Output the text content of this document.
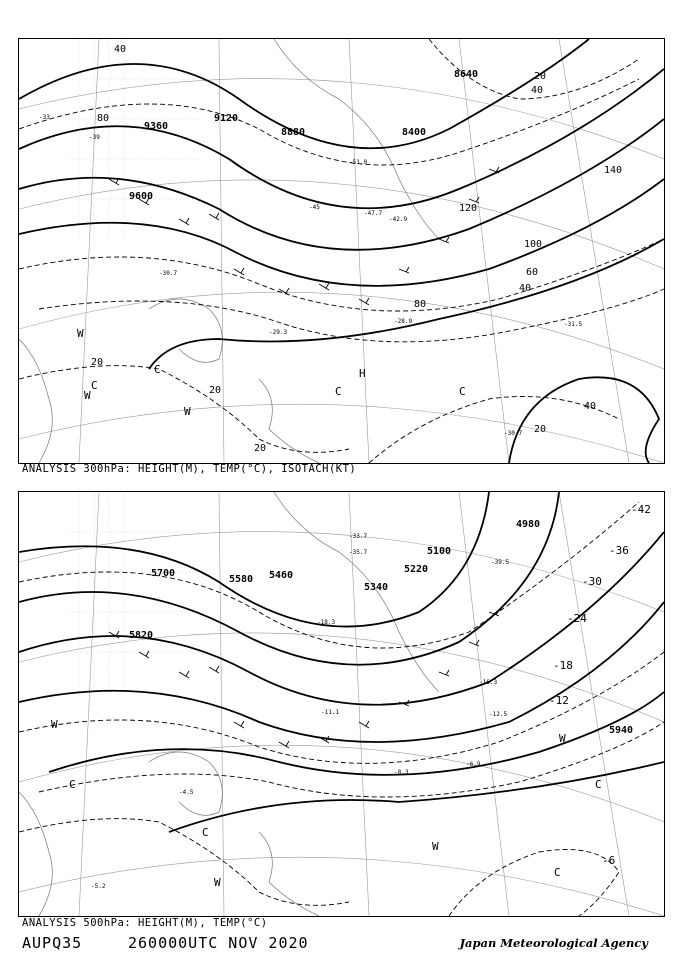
9360
9120
8880
8640
8400
9600
40
80
120
140
100
60
40
20
40
20
20
80
40
20
20
-51.0
-47.7
-45
-42.9
-39
-33
-30.7
-29.3
-28.9	-31.5
-30.7
H
C	C
C
W
W
W
C
ANALYSIS 300hPa: HEIGHT(M), TEMP(°C), ISOTACH(KT)
5700	5460
5820
5220
5100
4980
5580
5940
5340
-42
-36
-30
-24
-18
-12
-6
-39.5
-35.7
-33.7
-18.3
-16.3
-12.5
-11.1
-8.3
-6.9
-4.5
-5.2
W
W
W
W
C
C
C
C
ANALYSIS 500hPa: HEIGHT(M), TEMP(°C)
AUPQ35	260000UTC NOV 2020	Japan Meteorological Agency
